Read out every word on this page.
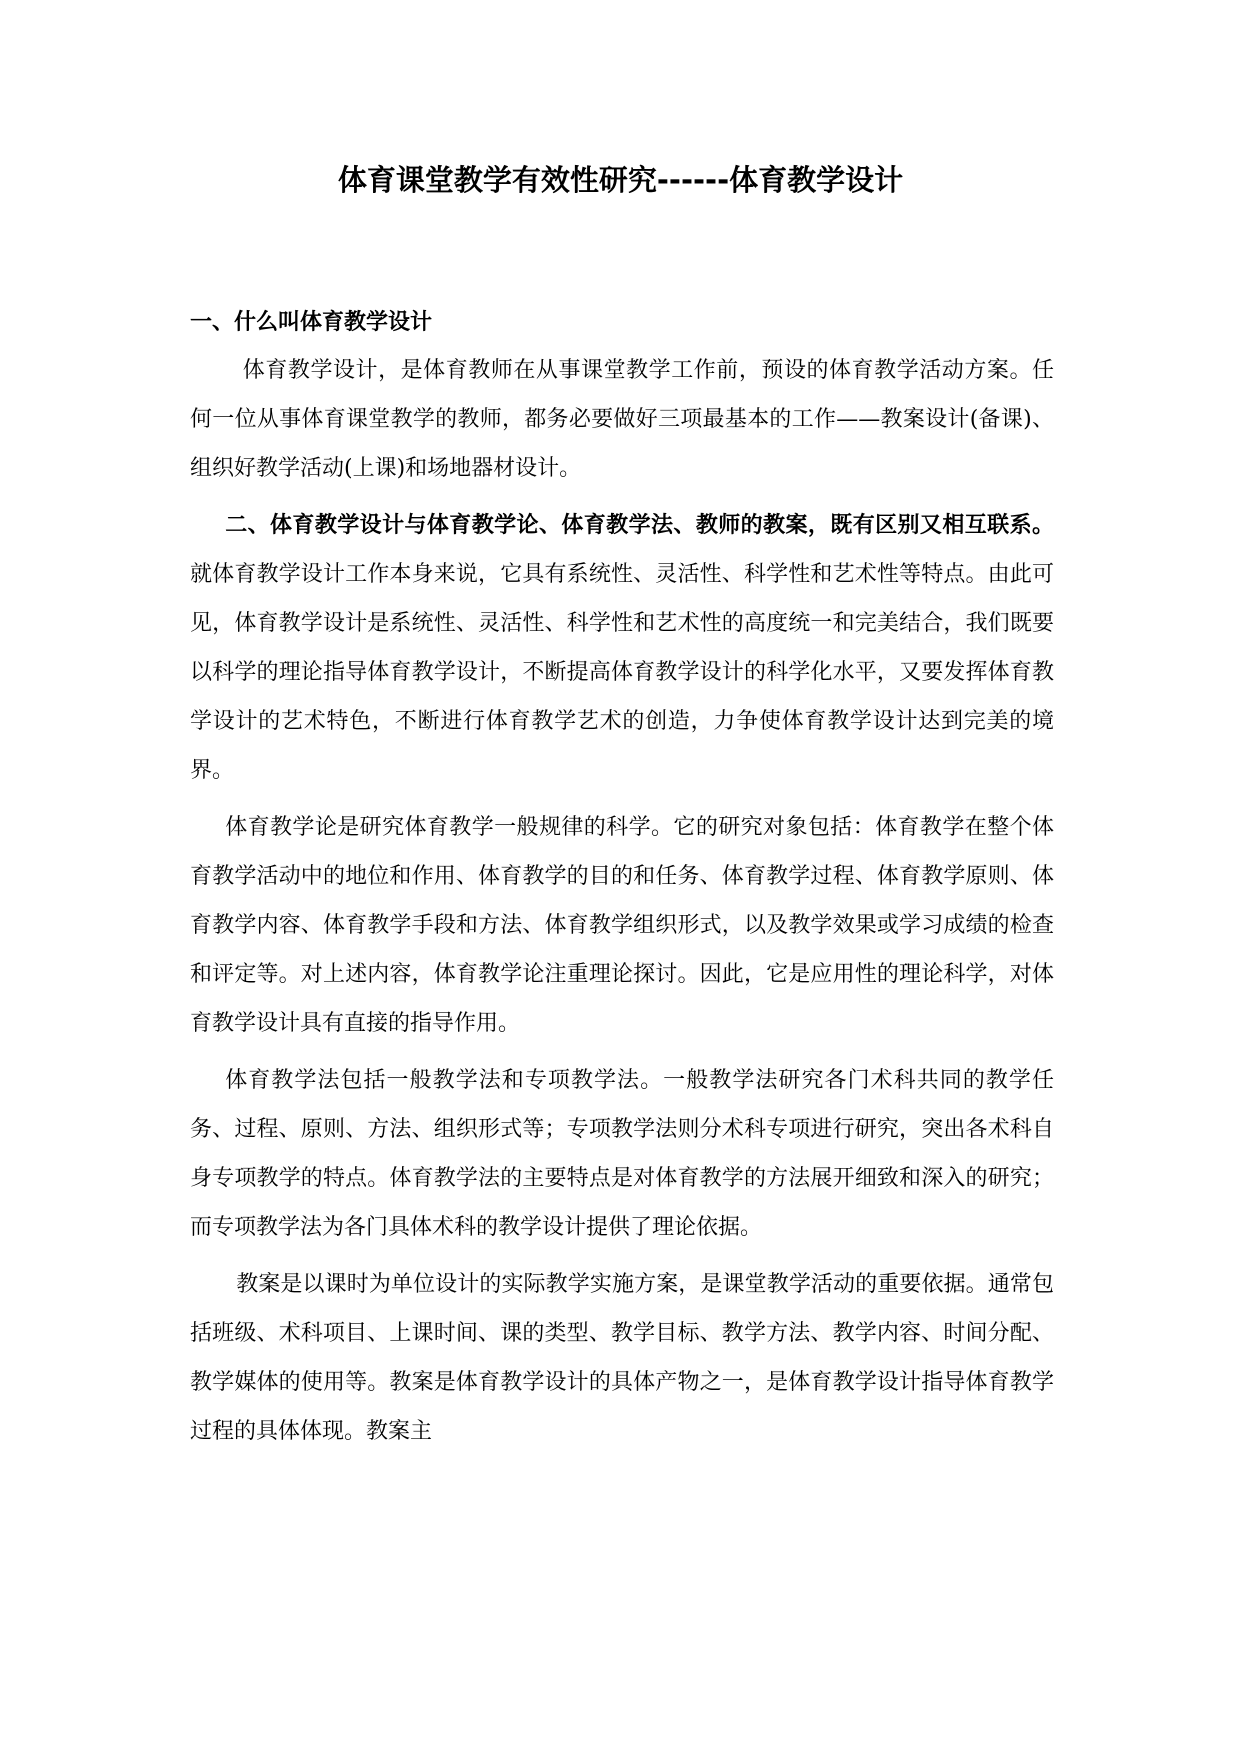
体育课堂教学有效性研究------体育教学设计
一、什么叫体育教学设计

体育教学设计，是体育教师在从事课堂教学工作前，预设的体育教学活动方案。任何一位从事体育课堂教学的教师，都务必要做好三项最基本的工作——教案设计(备课)、组织好教学活动(上课)和场地器材设计。

二、体育教学设计与体育教学论、体育教学法、教师的教案，既有区别又相互联系。就体育教学设计工作本身来说，它具有系统性、灵活性、科学性和艺术性等特点。由此可见，体育教学设计是系统性、灵活性、科学性和艺术性的高度统一和完美结合，我们既要以科学的理论指导体育教学设计，不断提高体育教学设计的科学化水平，又要发挥体育教学设计的艺术特色，不断进行体育教学艺术的创造，力争使体育教学设计达到完美的境界。

体育教学论是研究体育教学一般规律的科学。它的研究对象包括：体育教学在整个体育教学活动中的地位和作用、体育教学的目的和任务、体育教学过程、体育教学原则、体育教学内容、体育教学手段和方法、体育教学组织形式，以及教学效果或学习成绩的检查和评定等。对上述内容，体育教学论注重理论探讨。因此，它是应用性的理论科学，对体育教学设计具有直接的指导作用。

体育教学法包括一般教学法和专项教学法。一般教学法研究各门术科共同的教学任务、过程、原则、方法、组织形式等；专项教学法则分术科专项进行研究，突出各术科自身专项教学的特点。体育教学法的主要特点是对体育教学的方法展开细致和深入的研究；而专项教学法为各门具体术科的教学设计提供了理论依据。

教案是以课时为单位设计的实际教学实施方案，是课堂教学活动的重要依据。通常包括班级、术科项目、上课时间、课的类型、教学目标、教学方法、教学内容、时间分配、教学媒体的使用等。教案是体育教学设计的具体产物之一，是体育教学设计指导体育教学过程的具体体现。教案主
